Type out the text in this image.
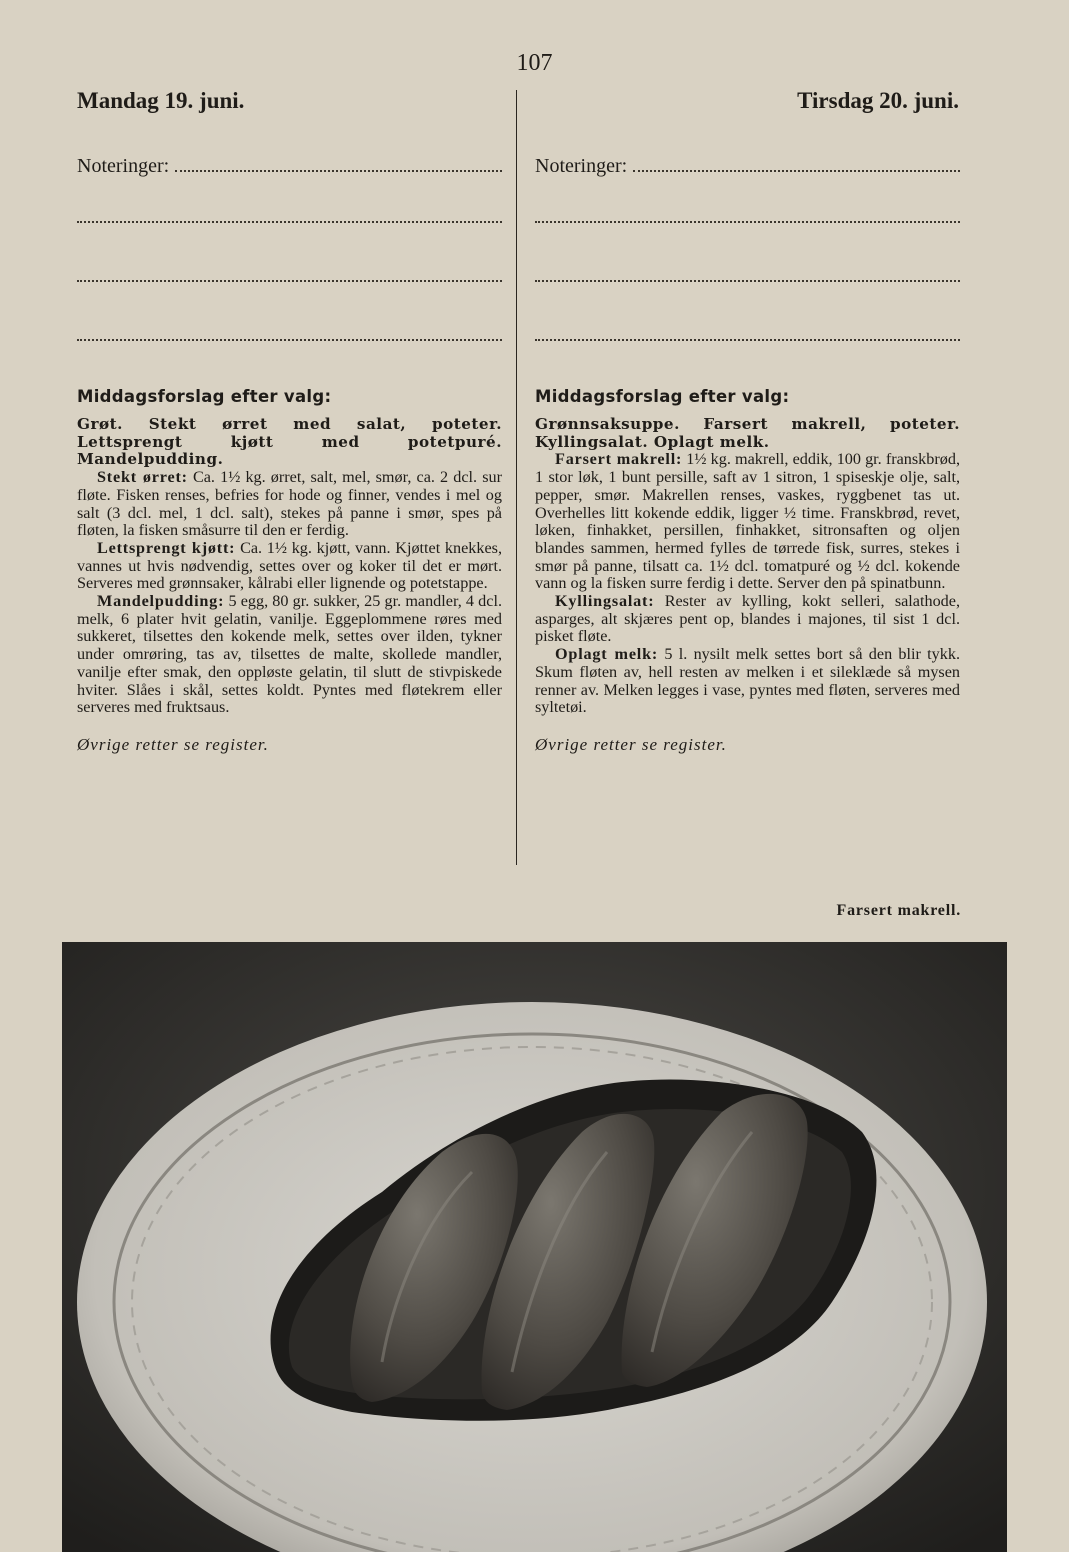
107
Mandag 19. juni.	Tirsdag 20. juni.
Noteringer:
Middagsforslag efter valg:

Grøt. Stekt ørret med salat, poteter. Lettsprengt kjøtt med potetpuré. Mandelpudding.

Stekt ørret: Ca. 1½ kg. ørret, salt, mel, smør, ca. 2 dcl. sur fløte. Fisken renses, befries for hode og finner, vendes i mel og salt (3 dcl. mel, 1 dcl. salt), stekes på panne i smør, spes på fløten, la fisken småsurre til den er ferdig.

Lettsprengt kjøtt: Ca. 1½ kg. kjøtt, vann. Kjøttet knekkes, vannes ut hvis nødvendig, settes over og koker til det er mørt. Serveres med grønnsaker, kålrabi eller lignende og potetstappe.

Mandelpudding: 5 egg, 80 gr. sukker, 25 gr. mandler, 4 dcl. melk, 6 plater hvit gelatin, vanilje. Eggeplommene røres med sukkeret, tilsettes den kokende melk, settes over ilden, tykner under omrøring, tas av, tilsettes de malte, skollede mandler, vanilje efter smak, den oppløste gelatin, til slutt de stivpiskede hviter. Slåes i skål, settes koldt. Pyntes med fløtekrem eller serveres med fruktsaus.

Øvrige retter se register.
Noteringer:
Middagsforslag efter valg:

Grønnsaksuppe. Farsert makrell, poteter. Kyllingsalat. Oplagt melk.

Farsert makrell: 1½ kg. makrell, eddik, 100 gr. franskbrød, 1 stor løk, 1 bunt persille, saft av 1 sitron, 1 spiseskje olje, salt, pepper, smør. Makrellen renses, vaskes, ryggbenet tas ut. Overhelles litt kokende eddik, ligger ½ time. Franskbrød, revet, løken, finhakket, persillen, finhakket, sitronsaften og oljen blandes sammen, hermed fylles de tørrede fisk, surres, stekes i smør på panne, tilsatt ca. 1½ dcl. tomatpuré og ½ dcl. kokende vann og la fisken surre ferdig i dette. Server den på spinatbunn.

Kyllingsalat: Rester av kylling, kokt selleri, salathode, asparges, alt skjæres pent op, blandes i majones, til sist 1 dcl. pisket fløte.

Oplagt melk: 5 l. nysilt melk settes bort så den blir tykk. Skum fløten av, hell resten av melken i et sileklæde så mysen renner av. Melken legges i vase, pyntes med fløten, serveres med syltetøi.

Øvrige retter se register.
Farsert makrell.
